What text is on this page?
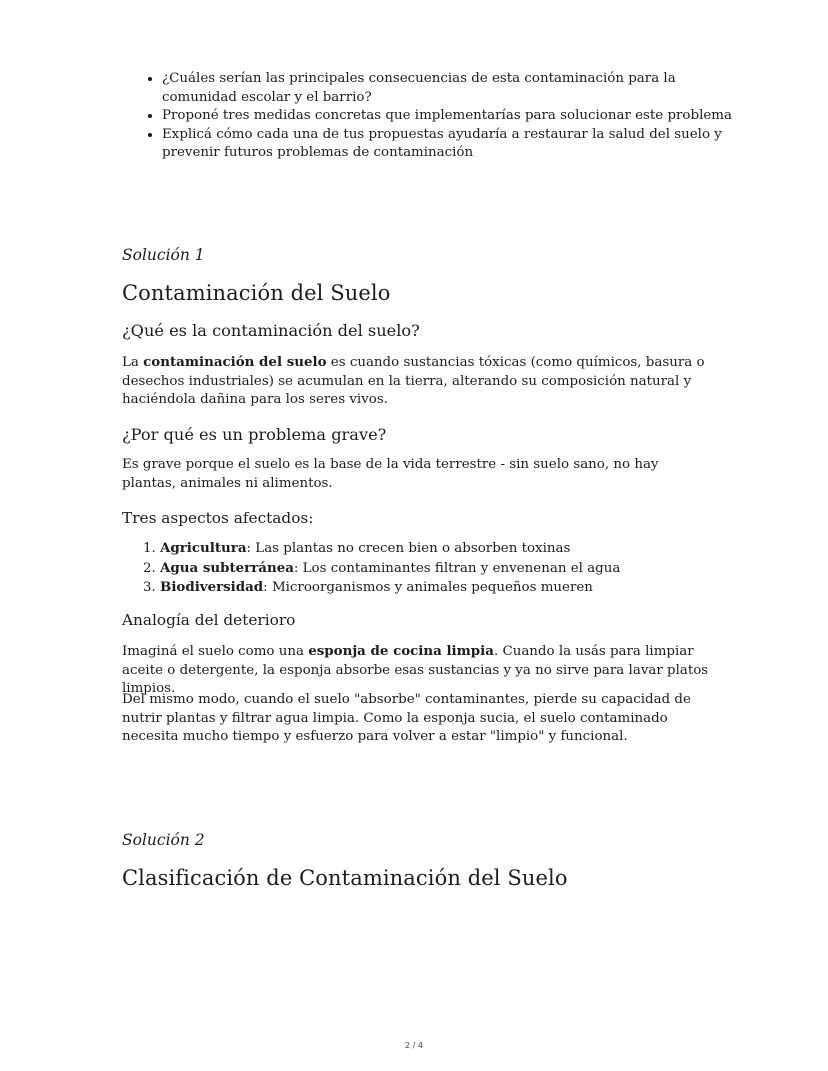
• ¿Cuáles serían las principales consecuencias de esta contaminación para la comunidad escolar y el barrio?
• Proponé tres medidas concretas que implementarías para solucionar este problema
• Explicá cómo cada una de tus propuestas ayudaría a restaurar la salud del suelo y prevenir futuros problemas de contaminación
Solución 1
Contaminación del Suelo
¿Qué es la contaminación del suelo?

La contaminación del suelo es cuando sustancias tóxicas (como químicos, basura o desechos industriales) se acumulan en la tierra, alterando su composición natural y haciéndola dañina para los seres vivos.

¿Por qué es un problema grave?

Es grave porque el suelo es la base de la vida terrestre - sin suelo sano, no hay plantas, animales ni alimentos.

Tres aspectos afectados:
1. Agricultura: Las plantas no crecen bien o absorben toxinas
2. Agua subterránea: Los contaminantes filtran y envenenan el agua
3. Biodiversidad: Microorganismos y animales pequeños mueren
Analogía del deterioro

Imaginá el suelo como una esponja de cocina limpia. Cuando la usás para limpiar aceite o detergente, la esponja absorbe esas sustancias y ya no sirve para lavar platos limpios.

Del mismo modo, cuando el suelo "absorbe" contaminantes, pierde su capacidad de nutrir plantas y filtrar agua limpia. Como la esponja sucia, el suelo contaminado necesita mucho tiempo y esfuerzo para volver a estar "limpio" y funcional.

Solución 2
Clasificación de Contaminación del Suelo
2 / 4
